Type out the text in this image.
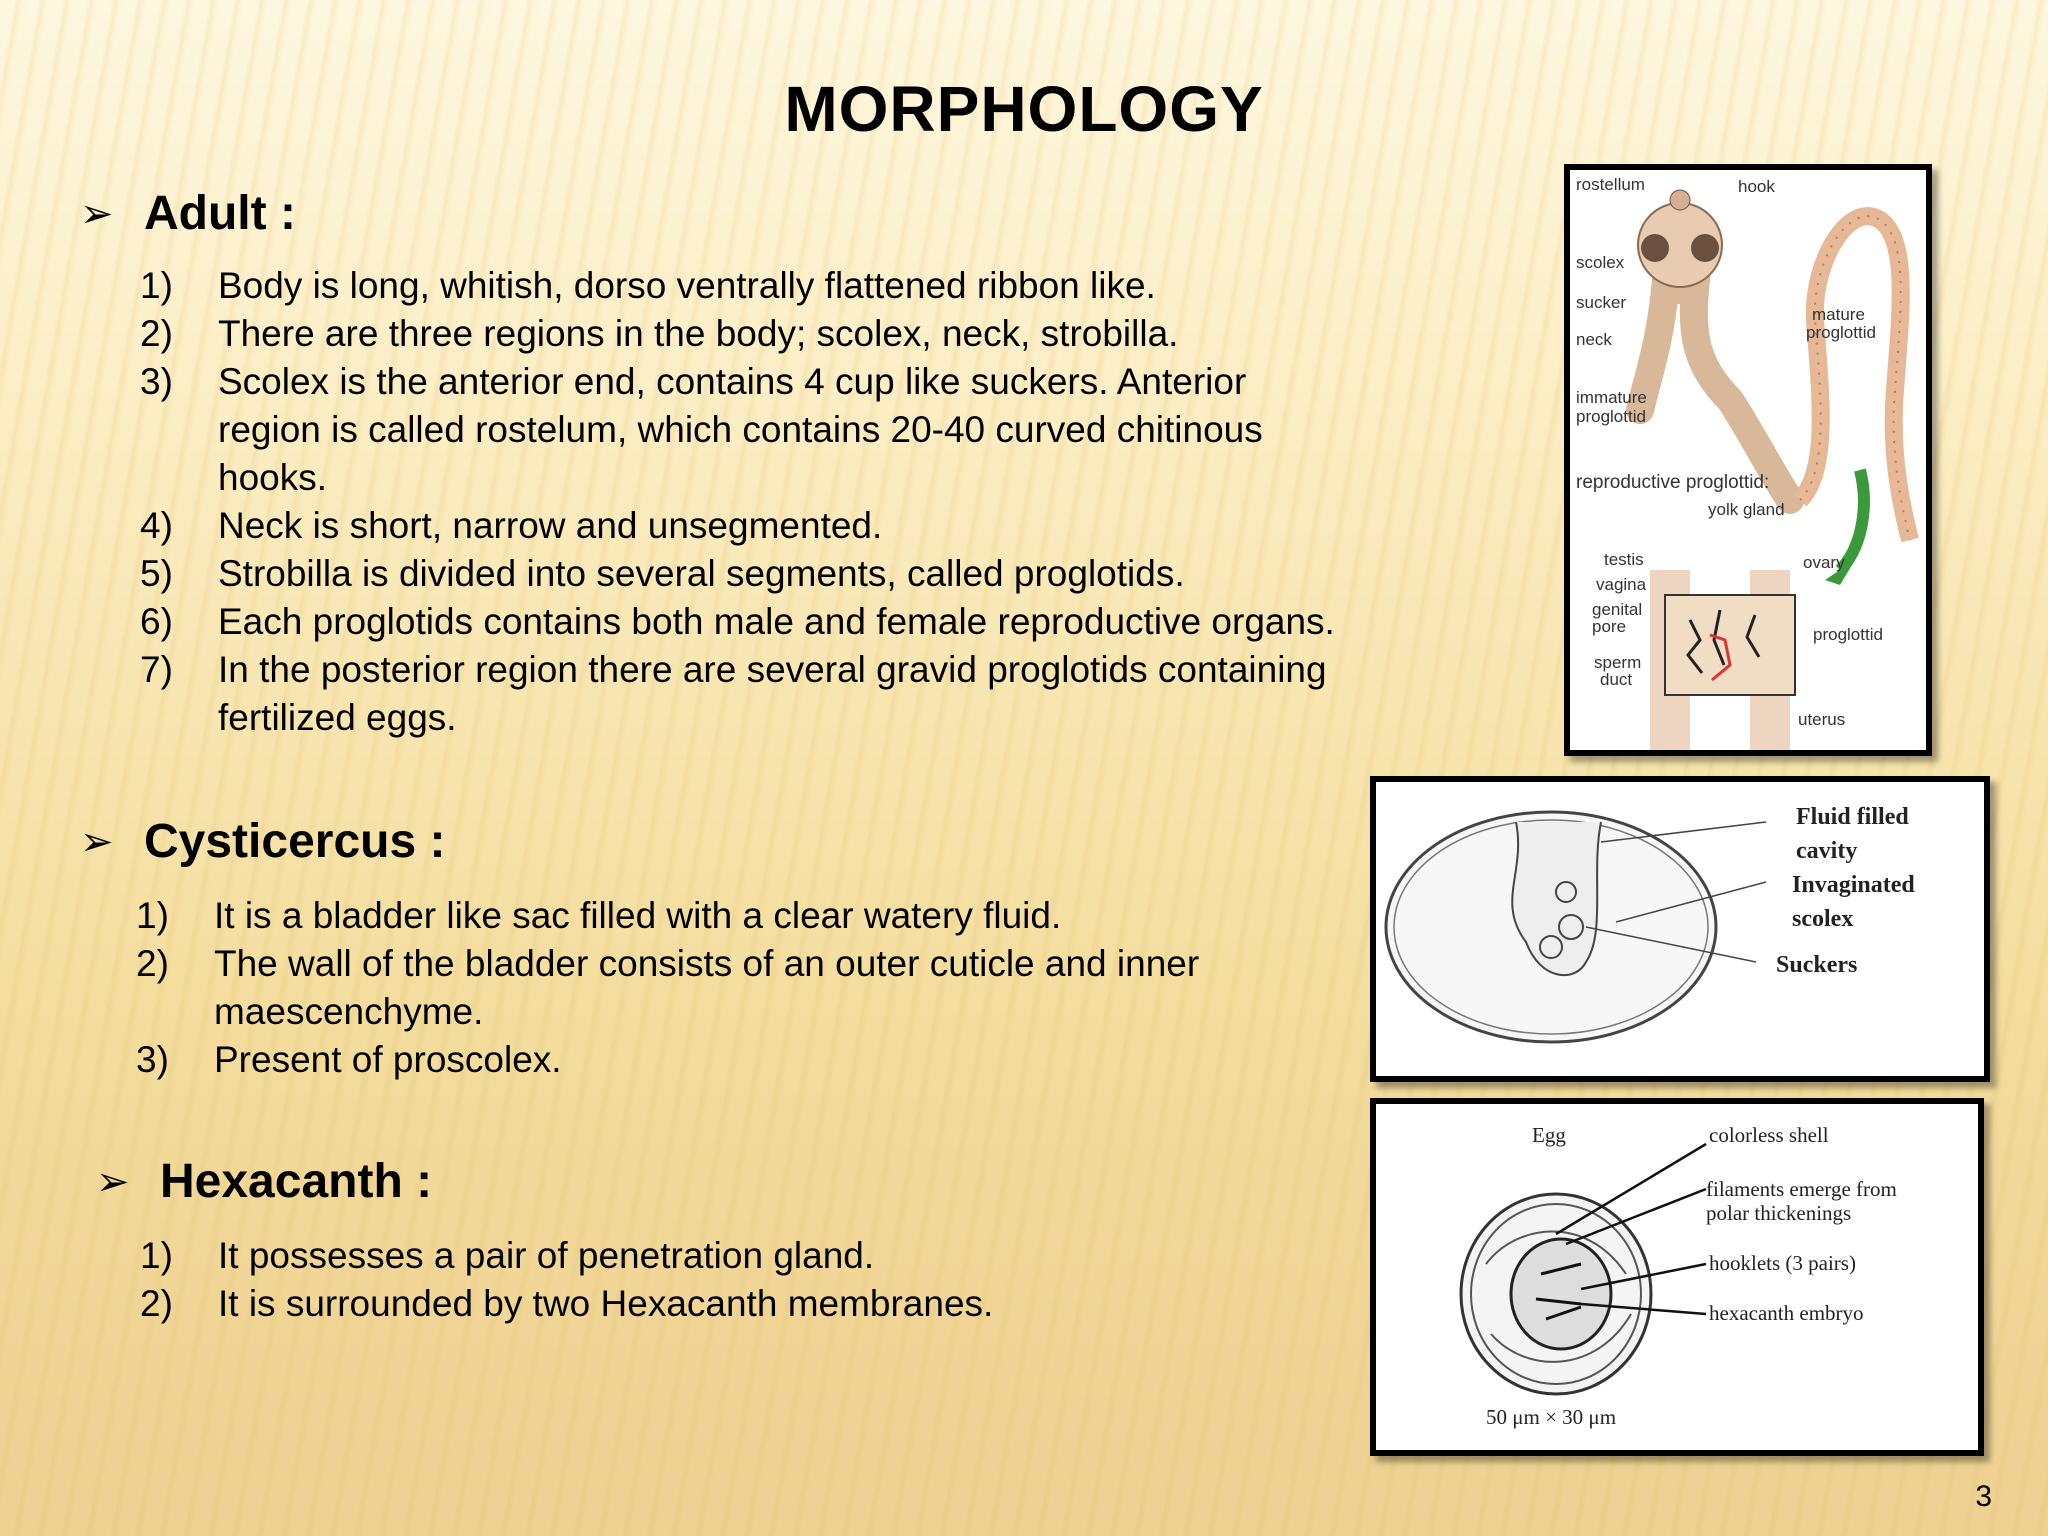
MORPHOLOGY
➢ Adult :
1) Body is long, whitish, dorso ventrally flattened ribbon like.
2) There are three regions in the body; scolex, neck, strobilla.
3) Scolex is the anterior end, contains 4 cup like suckers. Anterior region is called rostelum, which contains 20-40 curved chitinous hooks.
4) Neck is short, narrow and unsegmented.
5) Strobilla is divided into several segments, called proglotids.
6) Each proglotids contains both male and female reproductive organs.
7) In the posterior region there are several gravid proglotids containing fertilized eggs.
➢ Cysticercus :
1) It is a bladder like sac filled with a clear watery fluid.
2) The wall of the bladder consists of an outer cuticle and inner maescenchyme.
3) Present of proscolex.
➢ Hexacanth :
1) It possesses a pair of penetration gland.
2) It is surrounded by two Hexacanth membranes.
rostellum	hook
scolex
sucker
neck
immature
proglottid
mature
proglottid
reproductive proglottid:
yolk gland
testis
vagina
genital
pore
sperm
duct
ovary
proglottid
uterus
Fluid filled
cavity
Invaginated
scolex
Suckers
Egg	colorless shell
filaments emerge from
polar thickenings
hooklets (3 pairs)
hexacanth embryo
50 μm × 30 μm
3
